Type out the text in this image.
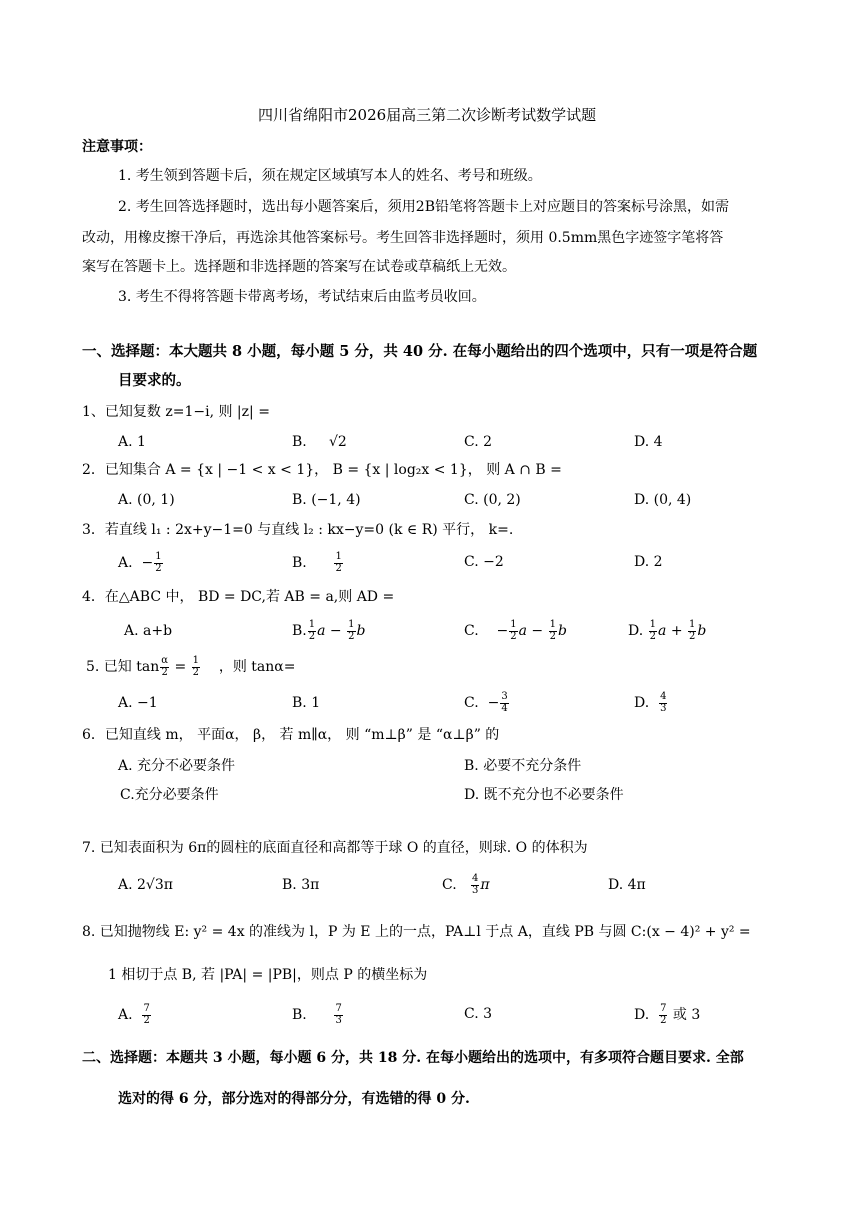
四川省绵阳市2026届高三第二次诊断考试数学试题
注意事项：
1. 考生领到答题卡后，须在规定区域填写本人的姓名、考号和班级。
2. 考生回答选择题时，选出每小题答案后，须用2B铅笔将答题卡上对应题目的答案标号涂黑，如需
改动，用橡皮擦干净后，再选涂其他答案标号。考生回答非选择题时，须用 0.5mm黑色字迹签字笔将答
案写在答题卡上。选择题和非选择题的答案写在试卷或草稿纸上无效。
3. 考生不得将答题卡带离考场，考试结束后由监考员收回。
一、选择题：本大题共 8 小题，每小题 5 分，共 40 分. 在每小题给出的四个选项中，只有一项是符合题
目要求的。
1、已知复数 z=1−i, 则 |z| =
A. 1	B. √2	C. 2	D. 4
2．已知集合 A = {x | −1 < x < 1}， B = {x | log₂x < 1}， 则 A ∩ B =
A. (0, 1)	B. (−1, 4)	C. (0, 2)	D. (0, 4)
3．若直线 l₁ : 2x+y−1=0 与直线 l₂ : kx−y=0 (k ∈ R) 平行， k=.
A.  − $\frac{1}{2}$	B.	$\frac{1}{2}$	C. −2	D. 2
4．在△ABC 中， BD = DC,若 AB = a,则 AD =
A. a+b	B. $\frac{1}{2}$ $a - \frac{1}{2}$ b	C.    − $\frac{1}{2}$ $a - \frac{1}{2}$ b	D. $\frac{1}{2}$ $a + \frac{1}{2}$ b
5. 已知 $\tan \frac{\alpha}{2} = \frac{1}{2}$ ，则 tanα=
A. −1	B. 1	C.  − $\frac{3}{4}$	D. $\frac{4}{3}$
6．已知直线 m， 平面α， β， 若 m∥α， 则 “m⊥β” 是 “α⊥β” 的
A. 充分不必要条件	B. 必要不充分条件
C.充分必要条件	D. 既不充分也不必要条件
7. 已知表面积为 6π的圆柱的底面直径和高都等于球 O 的直径，则球. O 的体积为
A. 2√3π	B. 3π	C. $\frac{4}{3}$ π	D. 4π
8. 已知抛物线 E: y² = 4x 的准线为 l，P 为 E 上的一点，PA⊥l 于点 A，直线 PB 与圆 C:(x − 4)² + y² =
1 相切于点 B, 若 |PA| = |PB|，则点 P 的横坐标为
A. $\frac{7}{2}$	B.	$\frac{7}{3}$	C. 3	D. $\frac{7}{2}$ 或 3
二、选择题：本题共 3 小题，每小题 6 分，共 18 分. 在每小题给出的选项中，有多项符合题目要求. 全部
选对的得 6 分，部分选对的得部分分，有选错的得 0 分.
